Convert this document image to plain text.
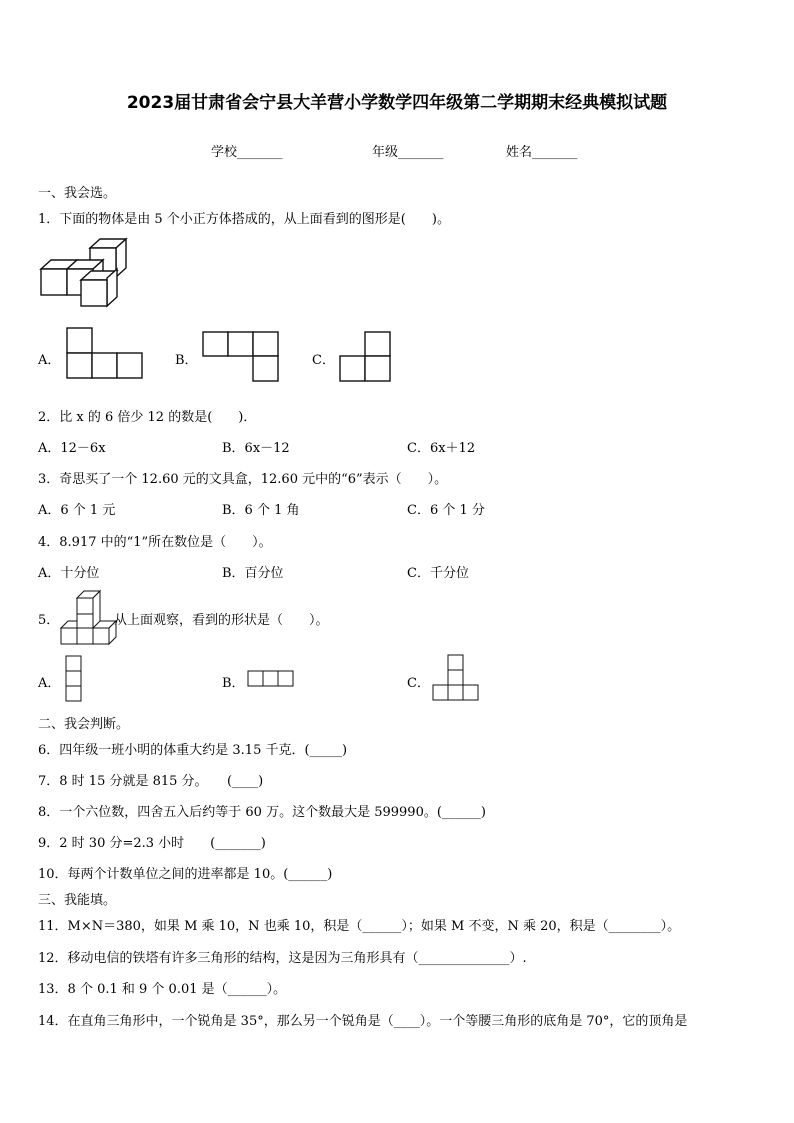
2023届甘肃省会宁县大羊营小学数学四年级第二学期期末经典模拟试题
学校_______	年级_______	姓名_______
一、我会选。
1．下面的物体是由 5 个小正方体搭成的，从上面看到的图形是(　　)。
A．	B．	C．
2．比 x 的 6 倍少 12 的数是(　　)．
A．12－6x	B．6x－12	C．6x＋12
3．奇思买了一个 12.60 元的文具盒，12.60 元中的“6”表示（　　）。
A．6 个 1 元	B．6 个 1 角	C．6 个 1 分
4．8.917 中的“1”所在数位是（　　）。
A．十分位	B．百分位	C．千分位
5．	从上面观察，看到的形状是（　　）。
A．	B．	C．
二、我会判断。
6．四年级一班小明的体重大约是 3.15 千克．(_____)
7．8 时 15 分就是 815 分。　　(____)
8．一个六位数，四舍五入后约等于 60 万。这个数最大是 599990。(______)
9．2 时 30 分=2.3 小时　　(_______)
10．每两个计数单位之间的进率都是 10。(______)
三、我能填。
11．M×N＝380，如果 M 乘 10，N 也乘 10，积是（______）；如果 M 不变，N 乘 20，积是（________）。
12．移动电信的铁塔有许多三角形的结构，这是因为三角形具有（______________）.
13．8 个 0.1 和 9 个 0.01 是（______）。
14．在直角三角形中，一个锐角是 35°，那么另一个锐角是（____）。一个等腰三角形的底角是 70°，它的顶角是
